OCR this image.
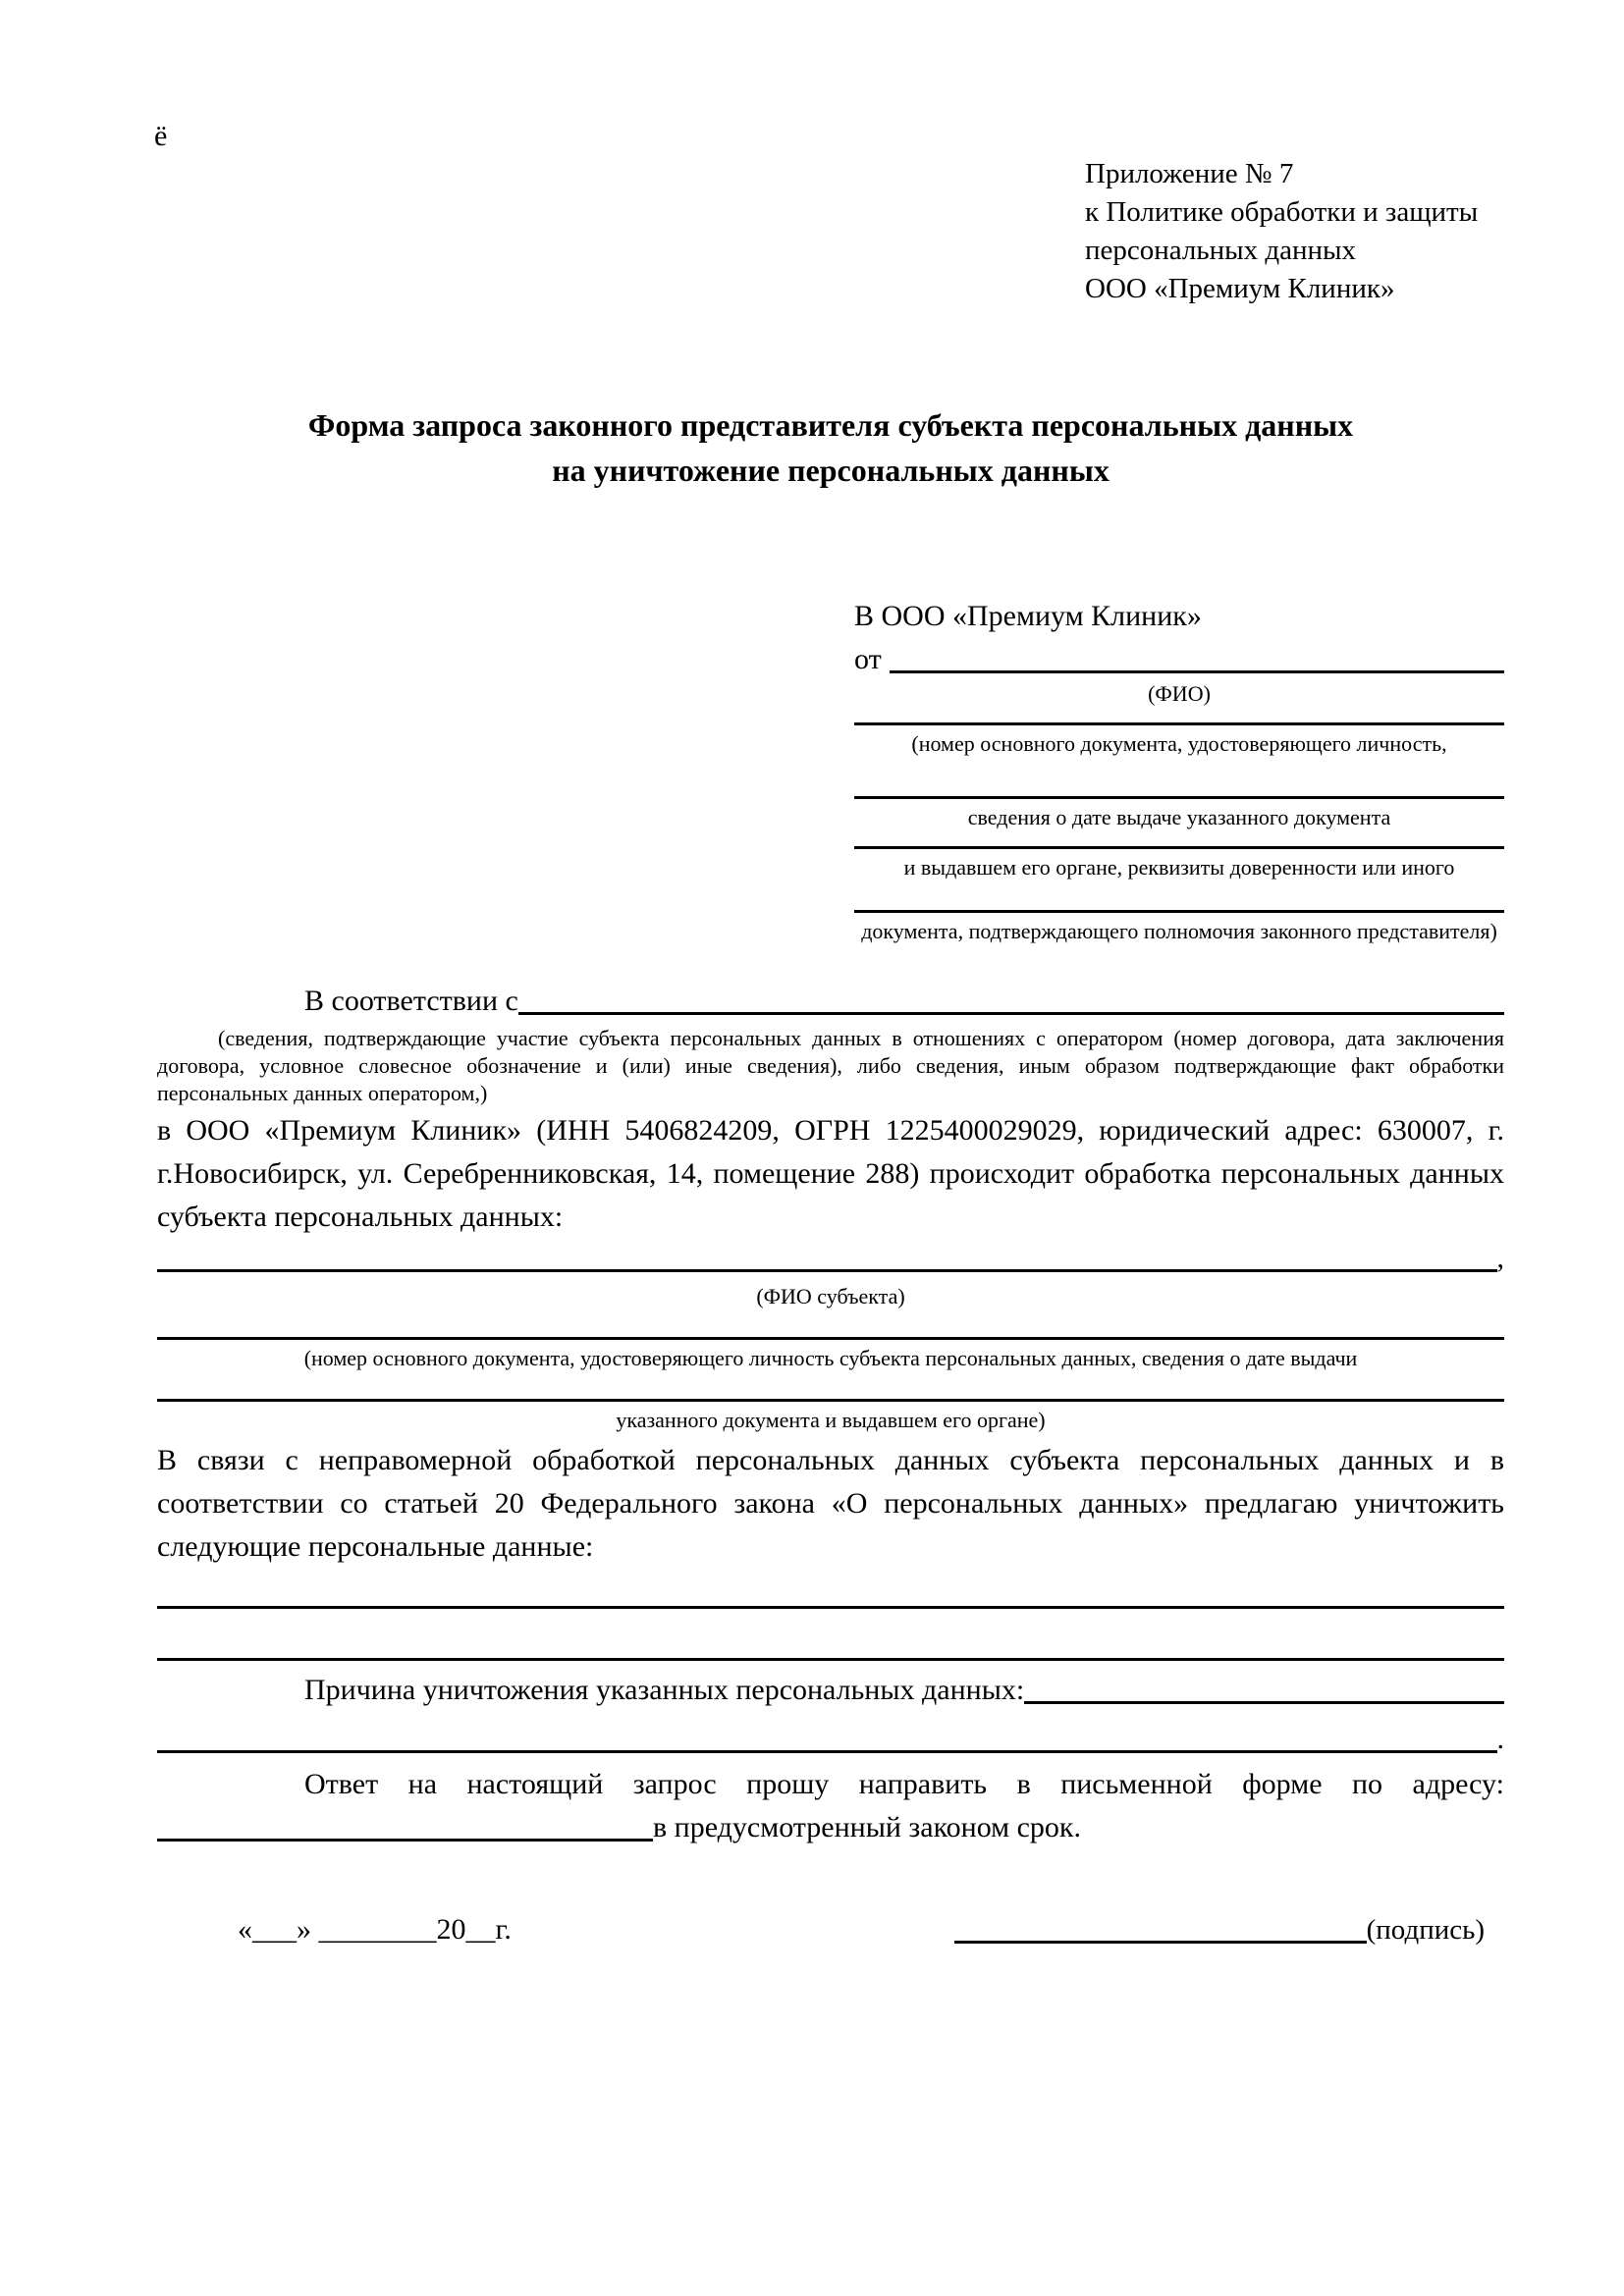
ё
Приложение № 7
к Политике обработки и защиты
персональных данных
ООО «Премиум Клиник»
Форма запроса законного представителя субъекта персональных данных
на уничтожение персональных данных
В ООО «Премиум Клиник»
от
(ФИО)
(номер основного документа, удостоверяющего личность,
сведения о дате выдаче указанного документа
и выдавшем его органе, реквизиты доверенности или иного
документа, подтверждающего полномочия законного представителя)
В соответствии с

(сведения, подтверждающие участие субъекта персональных данных в отношениях с оператором (номер договора, дата заключения договора, условное словесное обозначение и (или) иные сведения), либо сведения, иным образом подтверждающие факт обработки персональных данных оператором,)

в ООО «Премиум Клиник» (ИНН 5406824209, ОГРН 1225400029029, юридический адрес: 630007, г. г.Новосибирск, ул. Серебренниковская, 14, помещение 288) происходит обработка персональных данных субъекта персональных данных:

,
(ФИО субъекта)
(номер основного документа, удостоверяющего личность субъекта персональных данных, сведения о дате выдачи
указанного документа и выдавшем его органе)

В связи с неправомерной обработкой персональных данных субъекта персональных данных и в соответствии со статьей 20 Федерального закона «О персональных данных» предлагаю уничтожить следующие персональные данные:

Причина уничтожения указанных персональных данных:
.

Ответ на настоящий запрос прошу направить в письменной форме по адресу:

в предусмотренный законом срок.
«___» ________20__г.	(подпись)
